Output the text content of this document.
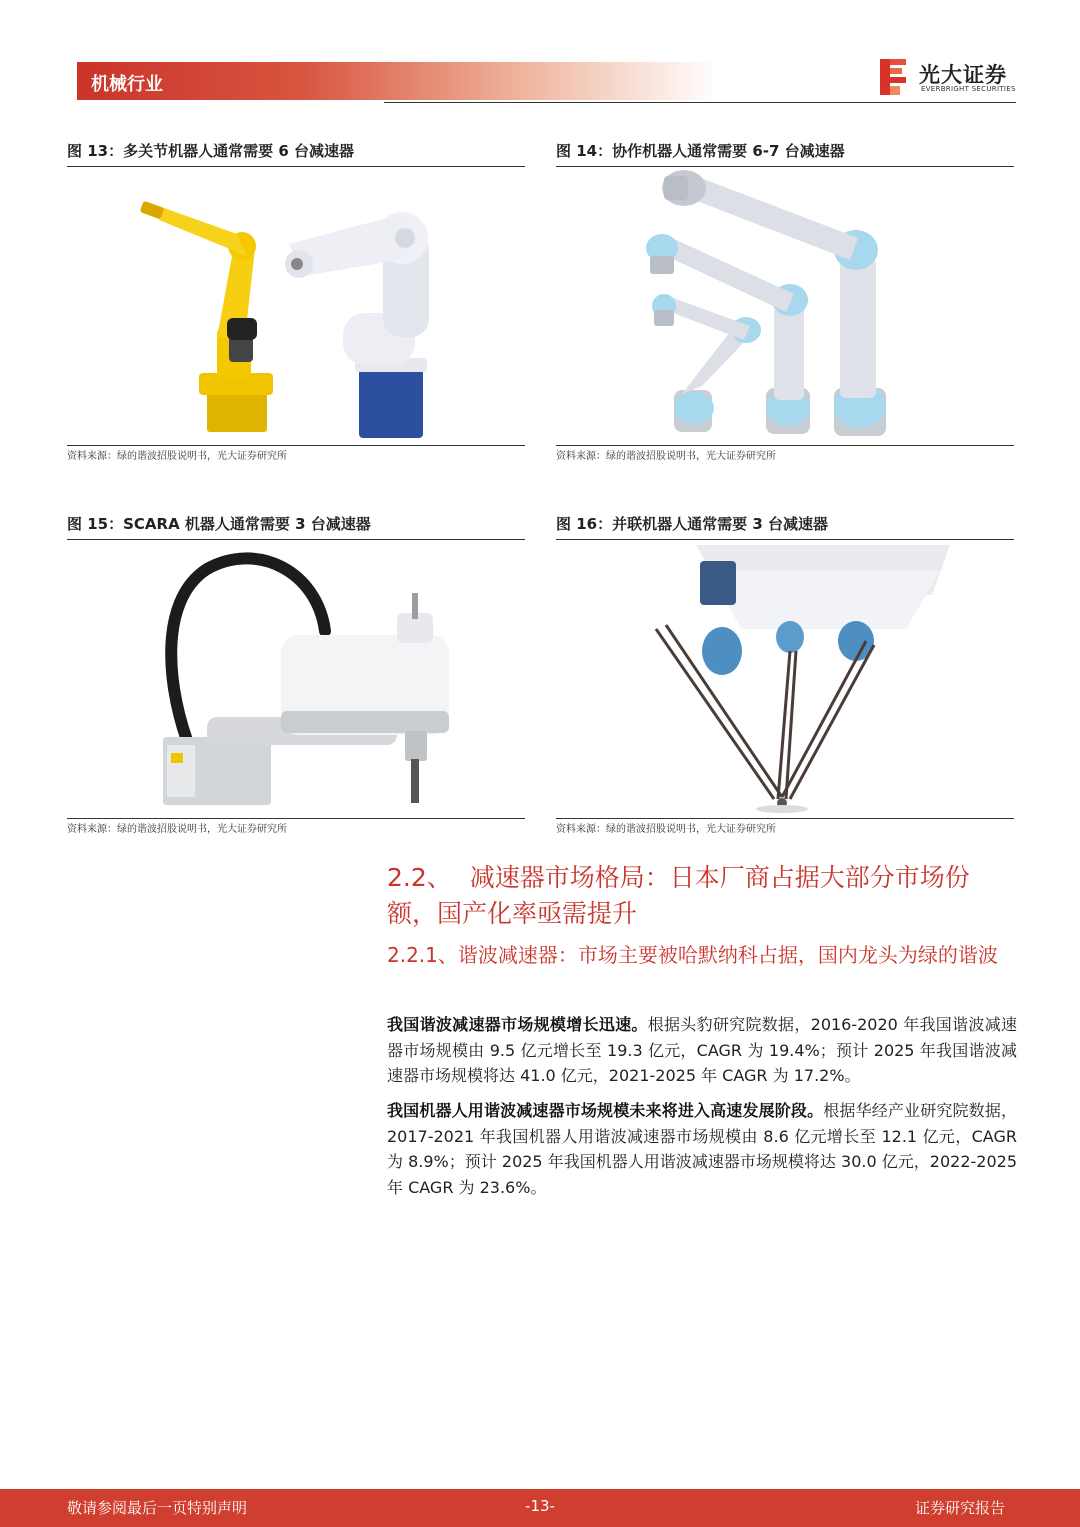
机械行业	光大证券
EVERBRIGHT SECURITIES
图 13：多关节机器人通常需要 6 台减速器
资料来源：绿的谐波招股说明书，光大证券研究所
图 14：协作机器人通常需要 6-7 台减速器
资料来源：绿的谐波招股说明书，光大证券研究所
图 15：SCARA 机器人通常需要 3 台减速器
资料来源：绿的谐波招股说明书，光大证券研究所
图 16：并联机器人通常需要 3 台减速器
资料来源：绿的谐波招股说明书，光大证券研究所
2.2、 减速器市场格局：日本厂商占据大部分市场份额，国产化率亟需提升
2.2.1、谐波减速器：市场主要被哈默纳科占据，国内龙头为绿的谐波
我国谐波减速器市场规模增长迅速。根据头豹研究院数据，2016-2020 年我国谐波减速器市场规模由 9.5 亿元增长至 19.3 亿元，CAGR 为 19.4%；预计 2025 年我国谐波减速器市场规模将达 41.0 亿元，2021-2025 年 CAGR 为 17.2%。
我国机器人用谐波减速器市场规模未来将进入高速发展阶段。根据华经产业研究院数据，2017-2021 年我国机器人用谐波减速器市场规模由 8.6 亿元增长至 12.1 亿元，CAGR 为 8.9%；预计 2025 年我国机器人用谐波减速器市场规模将达 30.0 亿元，2022-2025 年 CAGR 为 23.6%。
-13-
敬请参阅最后一页特别声明	证券研究报告
